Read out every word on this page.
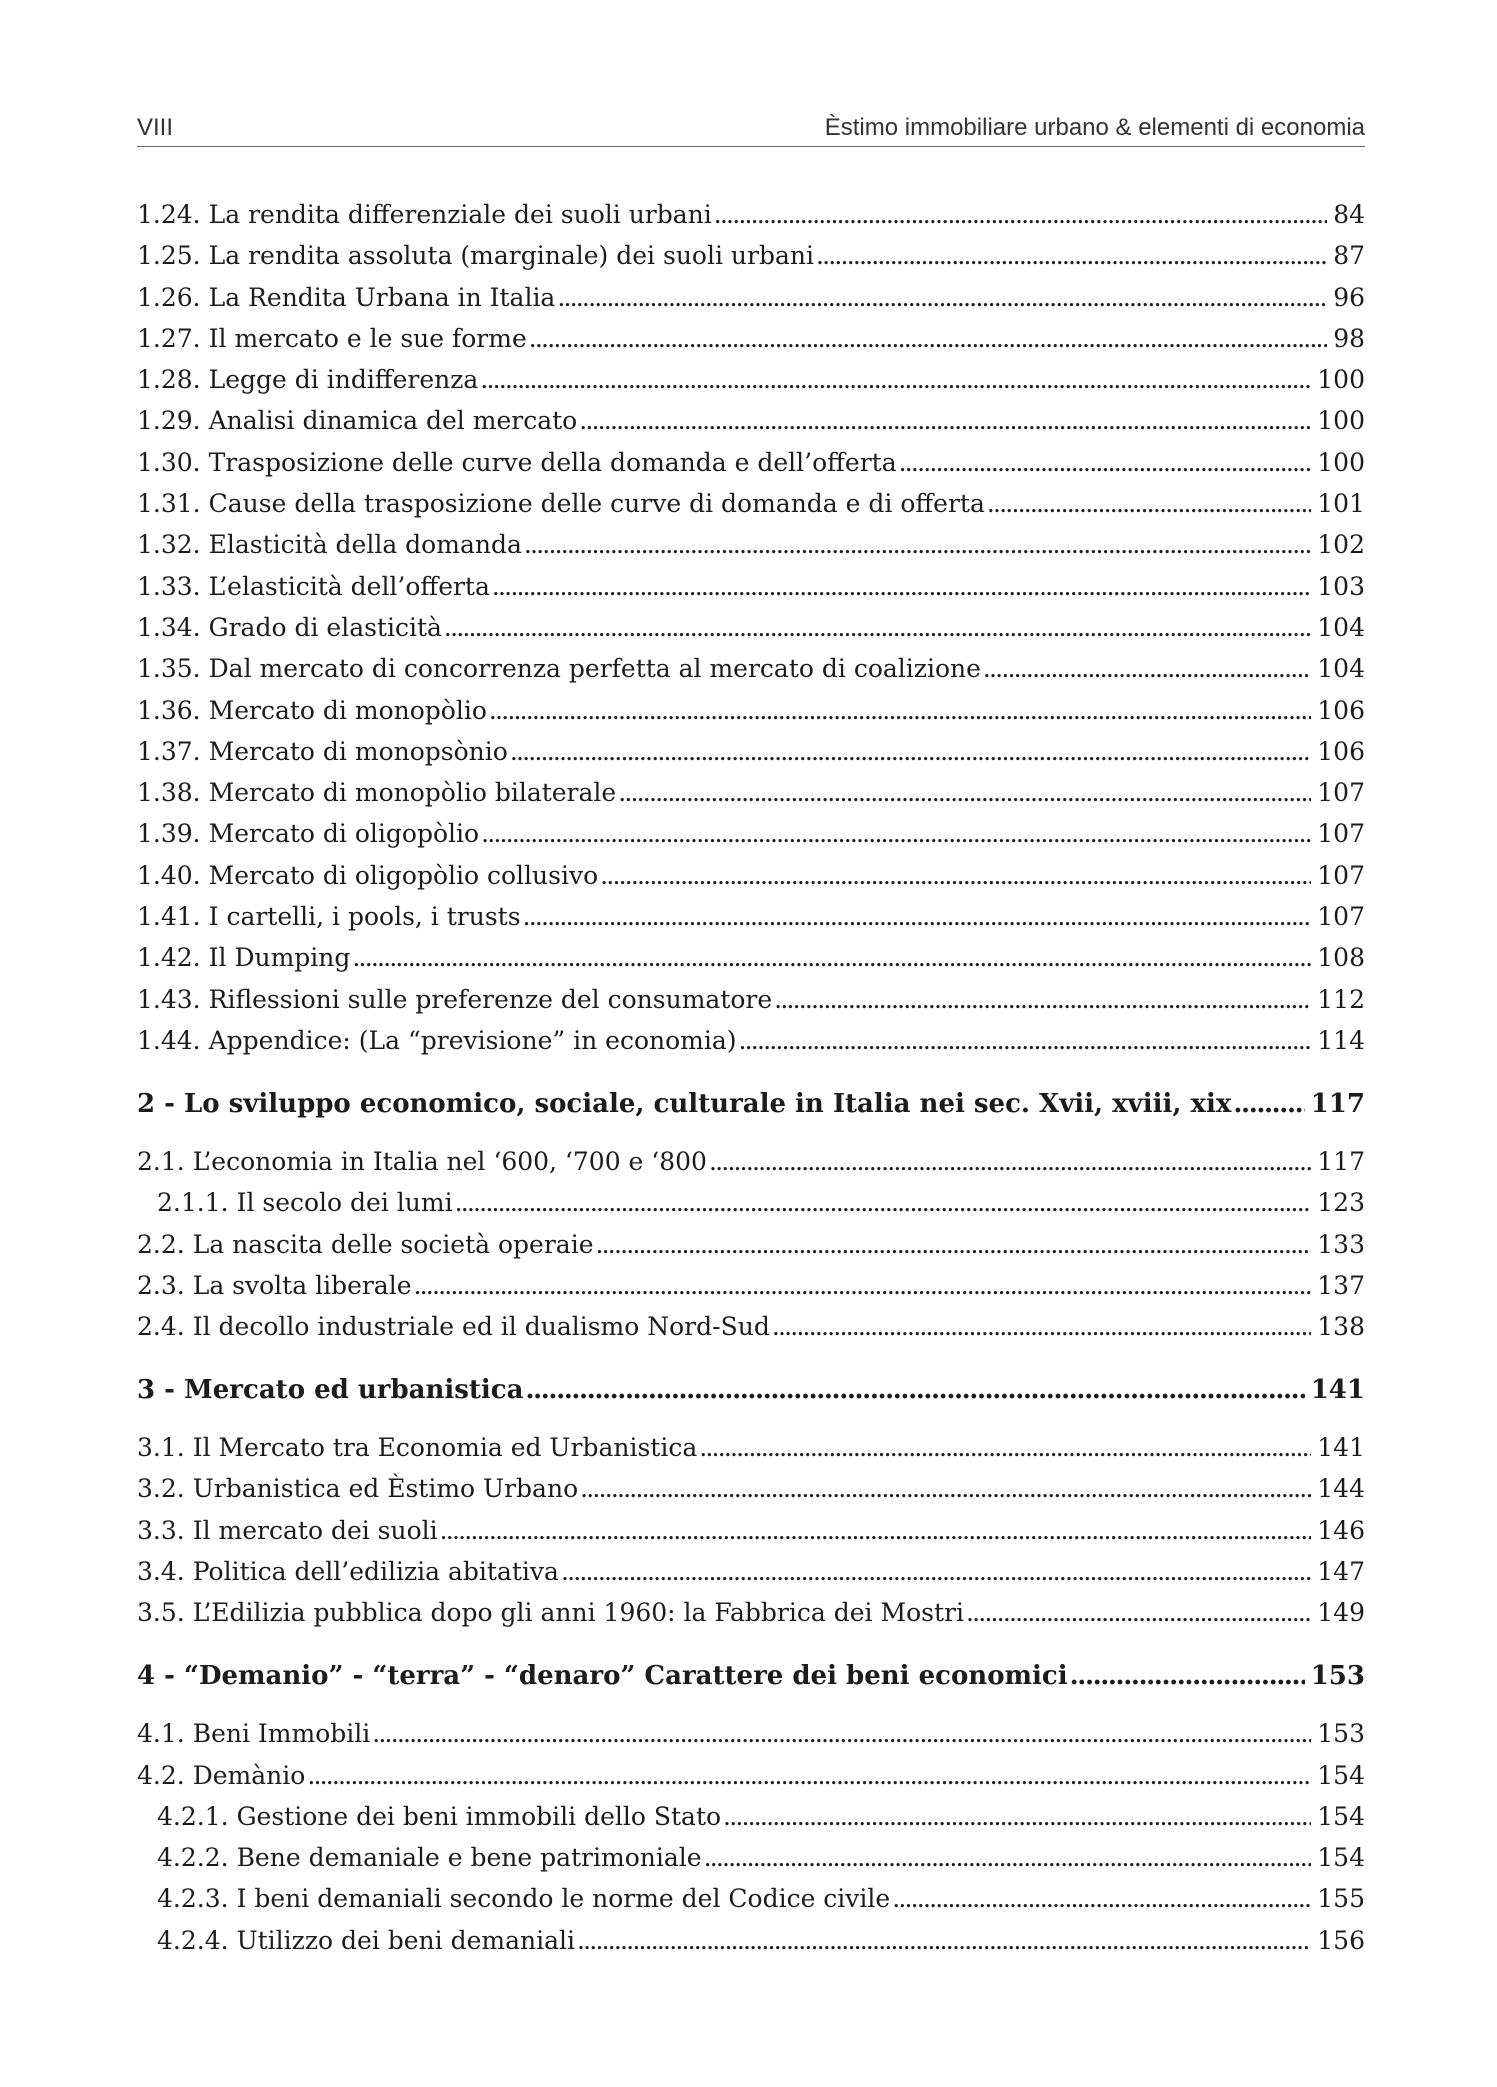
VIII	Èstimo immobiliare urbano & elementi di economia
1.24. La rendita differenziale dei suoli urbani .....	84
1.25. La rendita assoluta (marginale) dei suoli urbani .....	87
1.26. La Rendita Urbana in Italia .....	96
1.27. Il mercato e le sue forme .....	98
1.28. Legge di indifferenza .....	100
1.29. Analisi dinamica del mercato .....	100
1.30. Trasposizione delle curve della domanda e dell’offerta .....	100
1.31. Cause della trasposizione delle curve di domanda e di offerta .....	101
1.32. Elasticità della domanda .....	102
1.33. L’elasticità dell’offerta .....	103
1.34. Grado di elasticità .....	104
1.35. Dal mercato di concorrenza perfetta al mercato di coalizione .....	104
1.36. Mercato di monopòlio .....	106
1.37. Mercato di monopsònio .....	106
1.38. Mercato di monopòlio bilaterale .....	107
1.39. Mercato di oligopòlio .....	107
1.40. Mercato di oligopòlio collusivo .....	107
1.41. I cartelli, i pools, i trusts .....	107
1.42. Il Dumping .....	108
1.43. Riflessioni sulle preferenze del consumatore .....	112
1.44. Appendice: (La “previsione” in economia) .....	114
2 - Lo sviluppo economico, sociale, culturale in Italia nei sec. Xvii, xviii, xix .....	117
2.1. L’economia in Italia nel ‘600, ‘700 e ‘800 .....	117
2.1.1. Il secolo dei lumi .....	123
2.2. La nascita delle società operaie .....	133
2.3. La svolta liberale .....	137
2.4. Il decollo industriale ed il dualismo Nord-Sud .....	138
3 - Mercato ed urbanistica .....	141
3.1. Il Mercato tra Economia ed Urbanistica .....	141
3.2. Urbanistica ed Èstimo Urbano .....	144
3.3. Il mercato dei suoli .....	146
3.4. Politica dell’edilizia abitativa .....	147
3.5. L’Edilizia pubblica dopo gli anni 1960: la Fabbrica dei Mostri .....	149
4 - “Demanio” - “terra” - “denaro” Carattere dei beni economici .....	153
4.1. Beni Immobili .....	153
4.2. Demànio .....	154
4.2.1. Gestione dei beni immobili dello Stato .....	154
4.2.2. Bene demaniale e bene patrimoniale .....	154
4.2.3. I beni demaniali secondo le norme del Codice civile .....	155
4.2.4. Utilizzo dei beni demaniali .....	156
